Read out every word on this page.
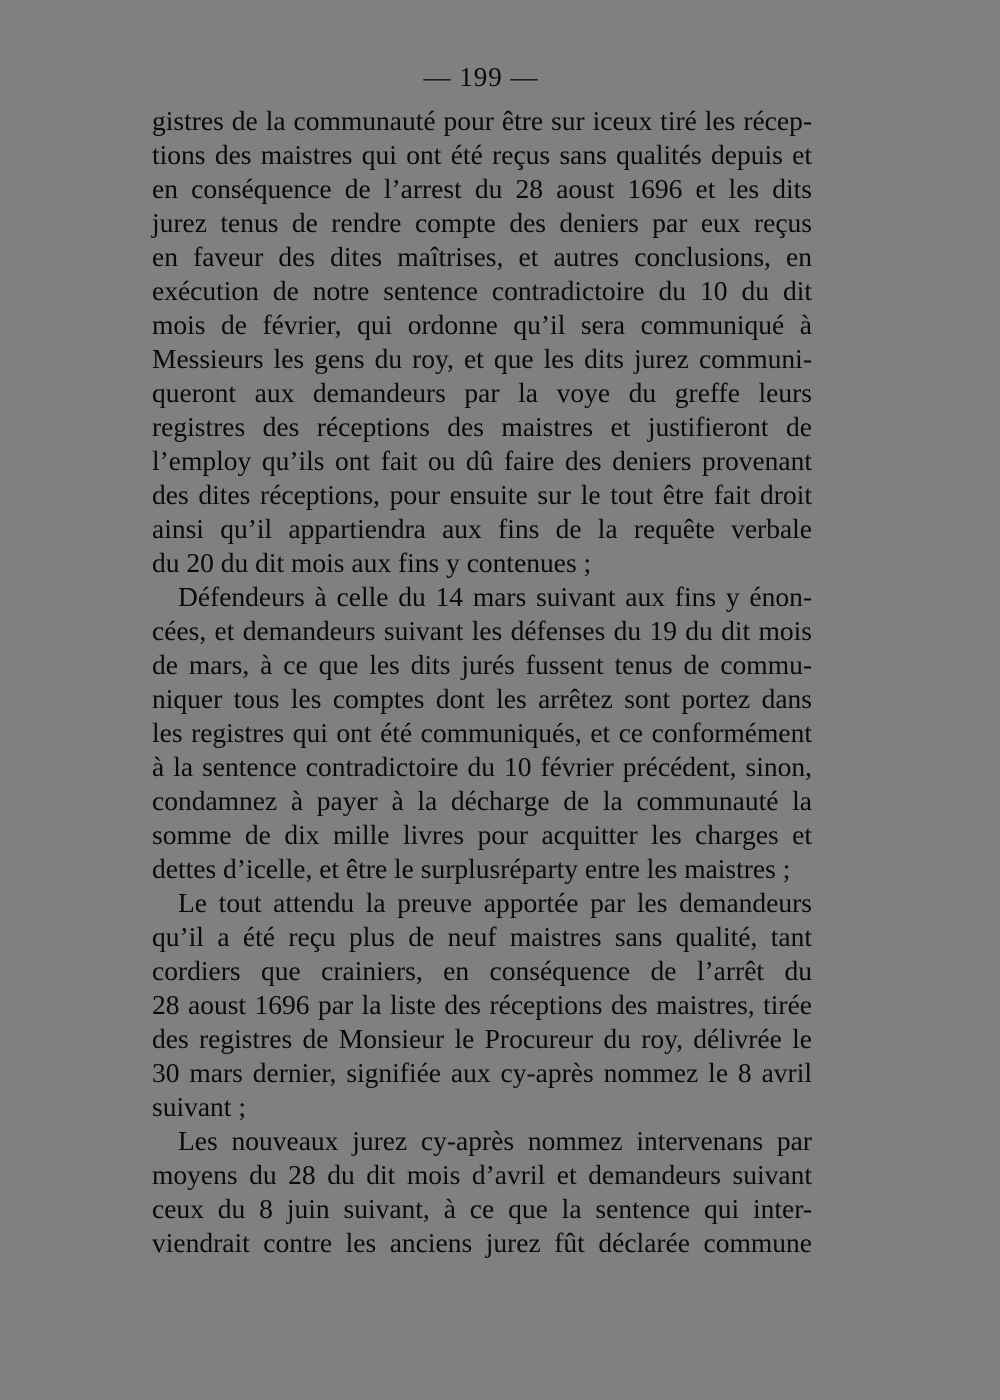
— 199 —
gistres de la communauté pour être sur iceux tiré les récep-
tions des maistres qui ont été reçus sans qualités depuis et
en conséquence de l’arrest du 28 aoust 1696 et les dits
jurez tenus de rendre compte des deniers par eux reçus
en faveur des dites maîtrises, et autres conclusions, en
exécution de notre sentence contradictoire du 10 du dit
mois de février, qui ordonne qu’il sera communiqué à
Messieurs les gens du roy, et que les dits jurez communi-
queront aux demandeurs par la voye du greffe leurs
registres des réceptions des maistres et justifieront de
l’employ qu’ils ont fait ou dû faire des deniers provenant
des dites réceptions, pour ensuite sur le tout être fait droit
ainsi qu’il appartiendra aux fins de la requête verbale
du 20 du dit mois aux fins y contenues ;
Défendeurs à celle du 14 mars suivant aux fins y énon-
cées, et demandeurs suivant les défenses du 19 du dit mois
de mars, à ce que les dits jurés fussent tenus de commu-
niquer tous les comptes dont les arrêtez sont portez dans
les registres qui ont été communiqués, et ce conformément
à la sentence contradictoire du 10 février précédent, sinon,
condamnez à payer à la décharge de la communauté la
somme de dix mille livres pour acquitter les charges et
dettes d’icelle, et être le surplusréparty entre les maistres ;
Le tout attendu la preuve apportée par les demandeurs
qu’il a été reçu plus de neuf maistres sans qualité, tant
cordiers que crainiers, en conséquence de l’arrêt du
28 aoust 1696 par la liste des réceptions des maistres, tirée
des registres de Monsieur le Procureur du roy, délivrée le
30 mars dernier, signifiée aux cy-après nommez le 8 avril
suivant ;
Les nouveaux jurez cy-après nommez intervenans par
moyens du 28 du dit mois d’avril et demandeurs suivant
ceux du 8 juin suivant, à ce que la sentence qui inter-
viendrait contre les anciens jurez fût déclarée commune
